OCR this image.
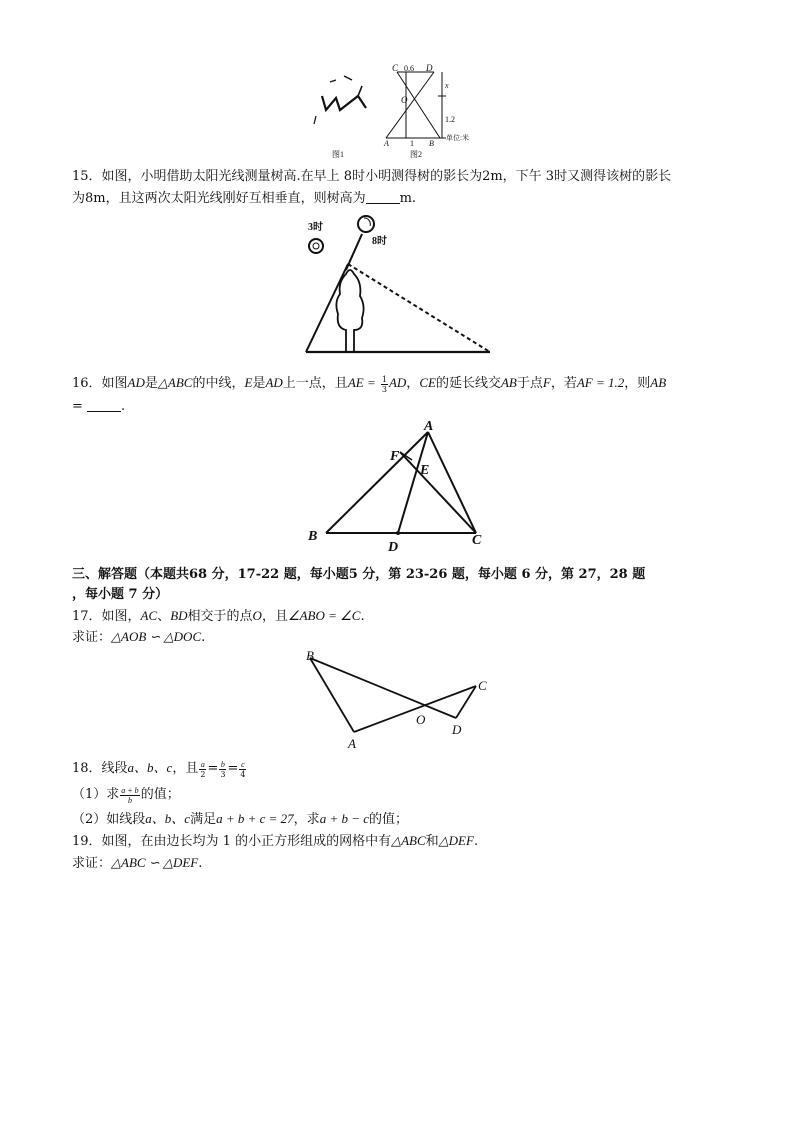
图1
C 0.6 D
O
x
1.2
A	1 B
单位:米
图2
15．如图，小明借助太阳光线测量树高.在早上 8时小明测得树的影长为2m，下午 3时又测得该树的影长
为8m，且这两次太阳光线刚好互相垂直，则树高为	m.
3时
8时
16．如图AD是△ABC的中线，E是AD上一点，且AE = $\frac{1}{3}$ AD，CE的延长线交AB于点F，若AF = 1.2，则AB
=	.
A
F
E
B
D	C
三、解答题（本题共68 分，17-22 题，每小题5 分，第 23-26 题，每小题 6 分，第 27，28 题
，每小题 7 分）
17．如图，AC、BD相交于的点O，且∠ABO = ∠C.
求证：△AOB ∽ △DOC.
B
C
O
D
A
18．线段a、b、c，且 $\frac{a}{2} = \frac{b}{3} = \frac{c}{4}$
（1）求 $\frac{a + b}{b}$ 的值；
（2）如线段a、b、c满足a + b + c = 27，求a + b − c的值；
19．如图，在由边长均为 1 的小正方形组成的网格中有△ABC和△DEF.
求证：△ABC ∽ △DEF.
